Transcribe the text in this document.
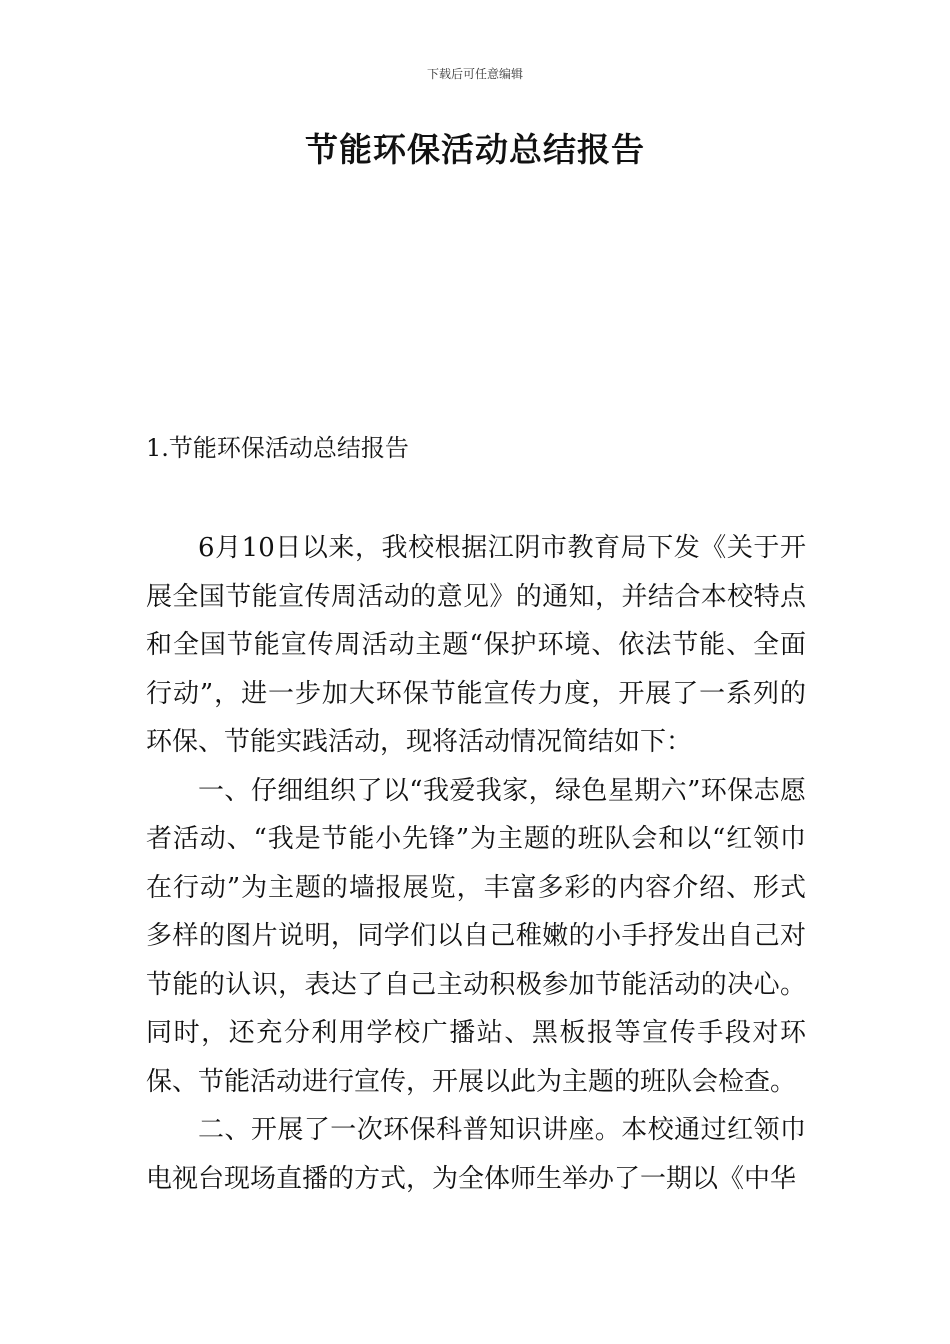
下载后可任意编辑
节能环保活动总结报告
1.节能环保活动总结报告

6月10日以来，我校根据江阴市教育局下发《关于开展全国节能宣传周活动的意见》的通知，并结合本校特点和全国节能宣传周活动主题“保护环境、依法节能、全面行动”，进一步加大环保节能宣传力度，开展了一系列的环保、节能实践活动，现将活动情况简结如下：

一、仔细组织了以“我爱我家，绿色星期六”环保志愿者活动、“我是节能小先锋”为主题的班队会和以“红领巾在行动”为主题的墙报展览，丰富多彩的内容介绍、形式多样的图片说明，同学们以自己稚嫩的小手抒发出自己对节能的认识，表达了自己主动积极参加节能活动的决心。同时，还充分利用学校广播站、黑板报等宣传手段对环保、节能活动进行宣传，开展以此为主题的班队会检查。

二、开展了一次环保科普知识讲座。本校通过红领巾电视台现场直播的方式，为全体师生举办了一期以《中华
